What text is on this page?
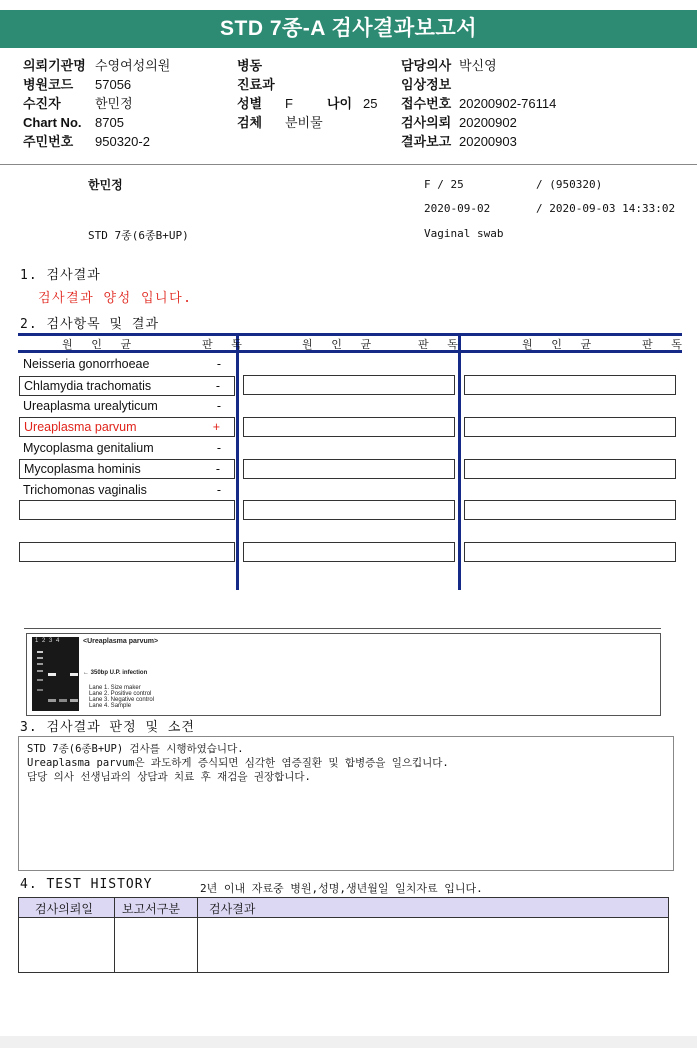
STD 7종-A 검사결과보고서
의뢰기관명 수영여성의원
병원코드 57056
수진자	한민정
Chart No. 8705
주민번호 950320-2
병동
진료과
성별 F	나이 25
검체 분비물
담당의사 박신영
임상정보
접수번호 20200902-76114
검사의뢰 20200902
결과보고 20200903
한민정	F / 25	/ (950320)
2020-09-02	/ 2020-09-03 14:33:02
STD 7종(6종B+UP)	Vaginal swab
1. 검사결과
검사결과 양성 입니다.
2. 검사항목 및 결과
원 인 균	판 독	원 인 균	판 독	원 인 균	판 독
Neisseria gonorrhoeae	-
Chlamydia trachomatis	-
Ureaplasma urealyticum	-
Ureaplasma parvum	+
Mycoplasma genitalium	-
Mycoplasma hominis	-
Trichomonas vaginalis	-
1 2 3 4	<Ureaplasma parvum>
← 350bp U.P. infection
Lane 1. Size maker
Lane 2. Positive control
Lane 3. Negative control
Lane 4. Sample
3. 검사결과 판정 및 소견
STD 7종(6종B+UP) 검사를 시행하였습니다.
Ureaplasma parvum은 과도하게 증식되면 심각한 염증질환 및 합병증을 일으킵니다.
담당 의사 선생님과의 상담과 치료 후 재검을 권장합니다.
4. TEST HISTORY	2년 이내 자료중 병원,성명,생년월일 일치자료 입니다.
검사의뢰일 보고서구분 검사결과
